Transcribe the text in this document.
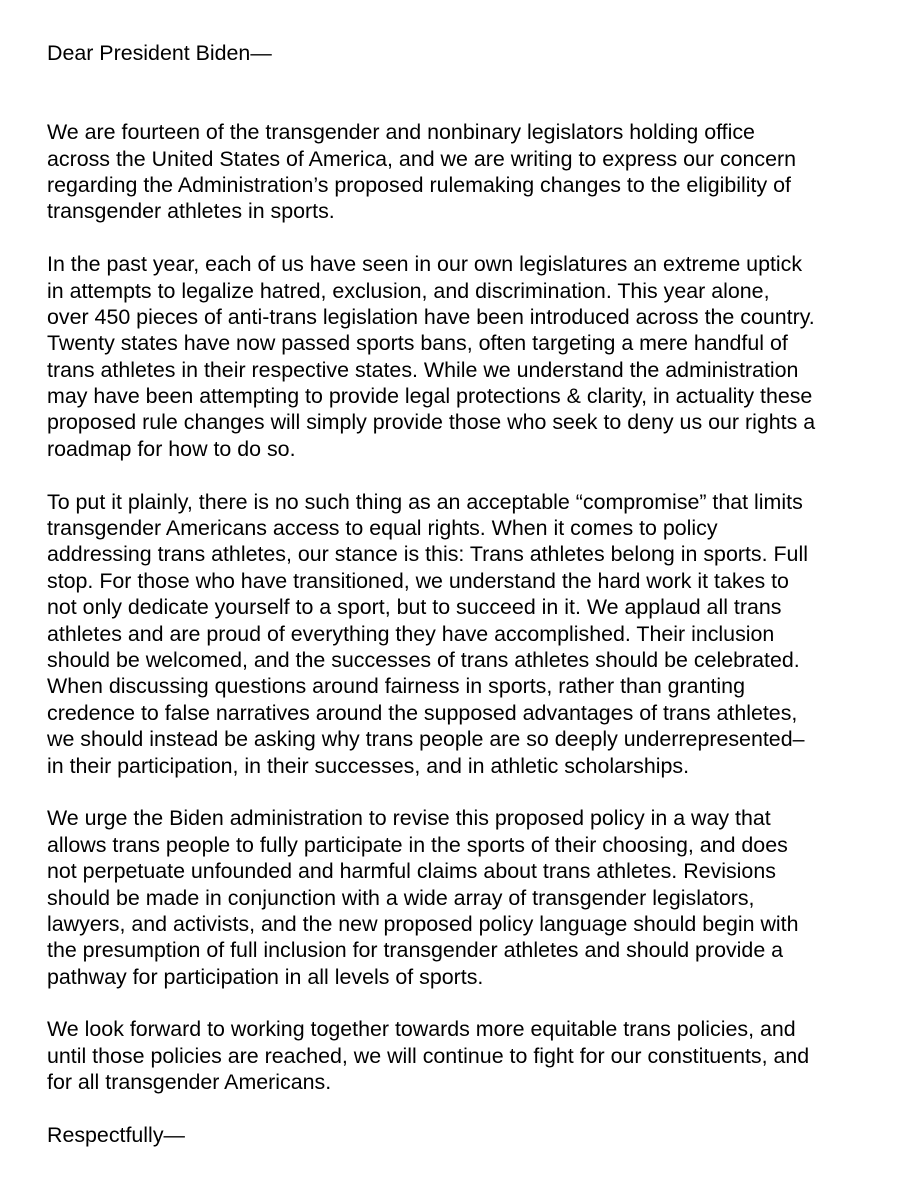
Dear President Biden—
We are fourteen of the transgender and nonbinary legislators holding office
across the United States of America, and we are writing to express our concern
regarding the Administration’s proposed rulemaking changes to the eligibility of
transgender athletes in sports.
In the past year, each of us have seen in our own legislatures an extreme uptick
in attempts to legalize hatred, exclusion, and discrimination. This year alone,
over 450 pieces of anti-trans legislation have been introduced across the country.
Twenty states have now passed sports bans, often targeting a mere handful of
trans athletes in their respective states. While we understand the administration
may have been attempting to provide legal protections & clarity, in actuality these
proposed rule changes will simply provide those who seek to deny us our rights a
roadmap for how to do so.
To put it plainly, there is no such thing as an acceptable “compromise” that limits
transgender Americans access to equal rights. When it comes to policy
addressing trans athletes, our stance is this: Trans athletes belong in sports. Full
stop. For those who have transitioned, we understand the hard work it takes to
not only dedicate yourself to a sport, but to succeed in it. We applaud all trans
athletes and are proud of everything they have accomplished. Their inclusion
should be welcomed, and the successes of trans athletes should be celebrated.
When discussing questions around fairness in sports, rather than granting
credence to false narratives around the supposed advantages of trans athletes,
we should instead be asking why trans people are so deeply underrepresented–
in their participation, in their successes, and in athletic scholarships.
We urge the Biden administration to revise this proposed policy in a way that
allows trans people to fully participate in the sports of their choosing, and does
not perpetuate unfounded and harmful claims about trans athletes. Revisions
should be made in conjunction with a wide array of transgender legislators,
lawyers, and activists, and the new proposed policy language should begin with
the presumption of full inclusion for transgender athletes and should provide a
pathway for participation in all levels of sports.
We look forward to working together towards more equitable trans policies, and
until those policies are reached, we will continue to fight for our constituents, and
for all transgender Americans.
Respectfully—
